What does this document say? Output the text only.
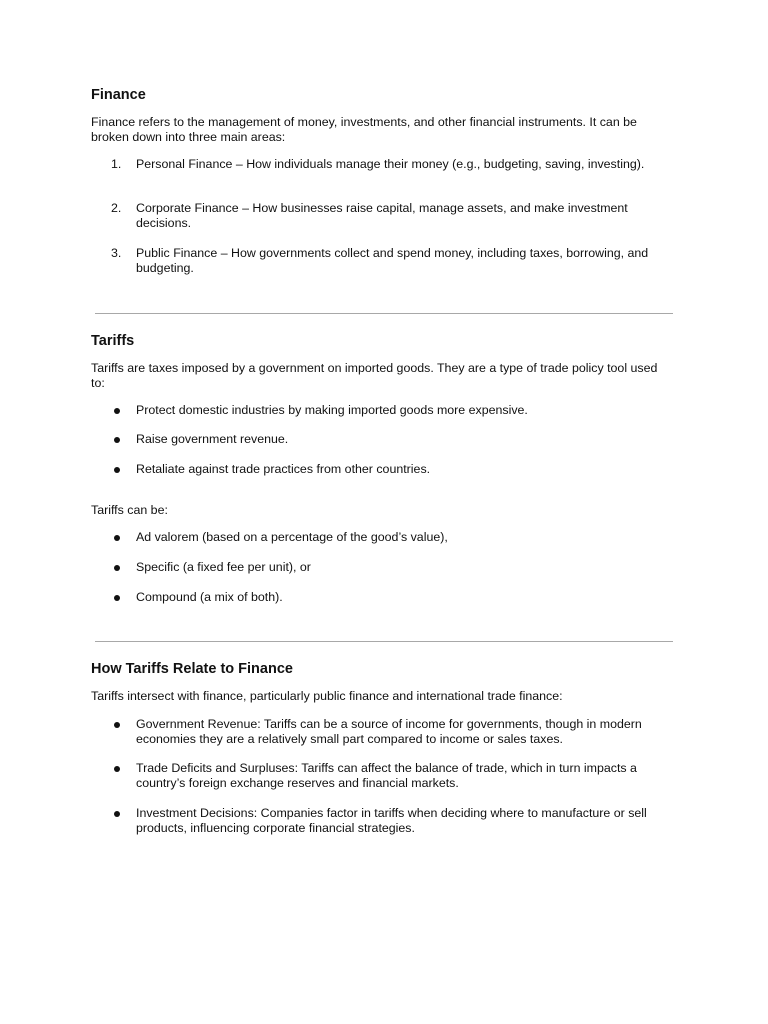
Finance

Finance refers to the management of money, investments, and other financial instruments. It can be broken down into three main areas:

1.	Personal Finance – How individuals manage their money (e.g., budgeting, saving, investing).
2.	Corporate Finance – How businesses raise capital, manage assets, and make investment decisions.
3.	Public Finance – How governments collect and spend money, including taxes, borrowing, and budgeting.
Tariffs

Tariffs are taxes imposed by a government on imported goods. They are a type of trade policy tool used to:

Protect domestic industries by making imported goods more expensive.
Raise government revenue.
Retaliate against trade practices from other countries.

Tariffs can be:

Ad valorem (based on a percentage of the good’s value),
Specific (a fixed fee per unit), or
Compound (a mix of both).
How Tariffs Relate to Finance

Tariffs intersect with finance, particularly public finance and international trade finance:

Government Revenue: Tariffs can be a source of income for governments, though in modern economies they are a relatively small part compared to income or sales taxes.
Trade Deficits and Surpluses: Tariffs can affect the balance of trade, which in turn impacts a country’s foreign exchange reserves and financial markets.
Investment Decisions: Companies factor in tariffs when deciding where to manufacture or sell products, influencing corporate financial strategies.
